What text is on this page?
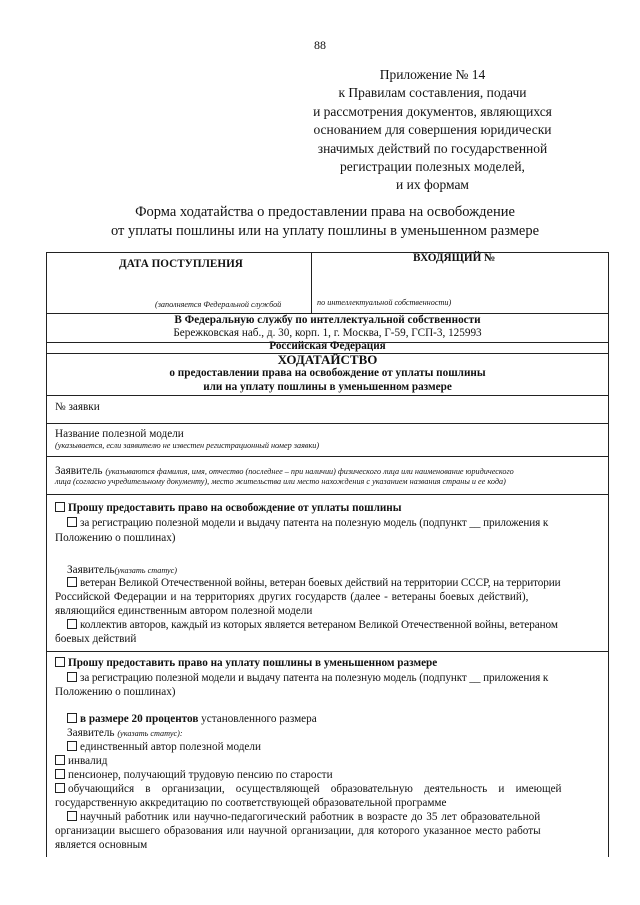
88
Приложение № 14
к Правилам составления, подачи
и рассмотрения документов, являющихся
основанием для совершения юридически
значимых действий по государственной
регистрации полезных моделей,
и их формам
Форма ходатайства о предоставлении права на освобождение
от уплаты пошлины или на уплату пошлины в уменьшенном размере
ДАТА ПОСТУПЛЕНИЯ	ВХОДЯЩИЙ №
(заполняется Федеральной службой	по интеллектуальной собственности)
В Федеральную службу по интеллектуальной собственности
Бережковская наб., д. 30, корп. 1, г. Москва, Г-59, ГСП-3, 125993
Российская Федерация
ХОДАТАЙСТВО
о предоставлении права на освобождение от уплаты пошлины
или на уплату пошлины в уменьшенном размере
№ заявки
Название полезной модели
(указывается, если заявителю не известен регистрационный номер заявки)
Заявитель (указываются фамилия, имя, отчество (последнее – при наличии) физического лица или наименование юридического
лица (согласно учредительному документу), место жительства или место нахождения с указанием названия страны и ее кода)
Прошу предоставить право на освобождение от уплаты пошлины
за регистрацию полезной модели и выдачу патента на полезную модель (подпункт __ приложения к
Положению о пошлинах)
Заявитель(указать статус)
ветеран Великой Отечественной войны, ветеран боевых действий на территории СССР, на территории
Российской Федерации и на территориях других государств (далее - ветераны боевых действий),
являющийся единственным автором полезной модели
коллектив авторов, каждый из которых является ветераном Великой Отечественной войны, ветераном
боевых действий
Прошу предоставить право на уплату пошлины в уменьшенном размере
за регистрацию полезной модели и выдачу патента на полезную модель (подпункт __ приложения к
Положению о пошлинах)
в размере 20 процентов установленного размера
Заявитель (указать статус):
единственный автор полезной модели
инвалид
пенсионер, получающий трудовую пенсию по старости
обучающийся    в    организации,    осуществляющей    образовательную    деятельность    и    имеющей
государственную аккредитацию по соответствующей образовательной программе
научный работник или научно-педагогический работник в возрасте до 35 лет образовательной
организации высшего образования или научной организации, для которого указанное место работы
является основным
